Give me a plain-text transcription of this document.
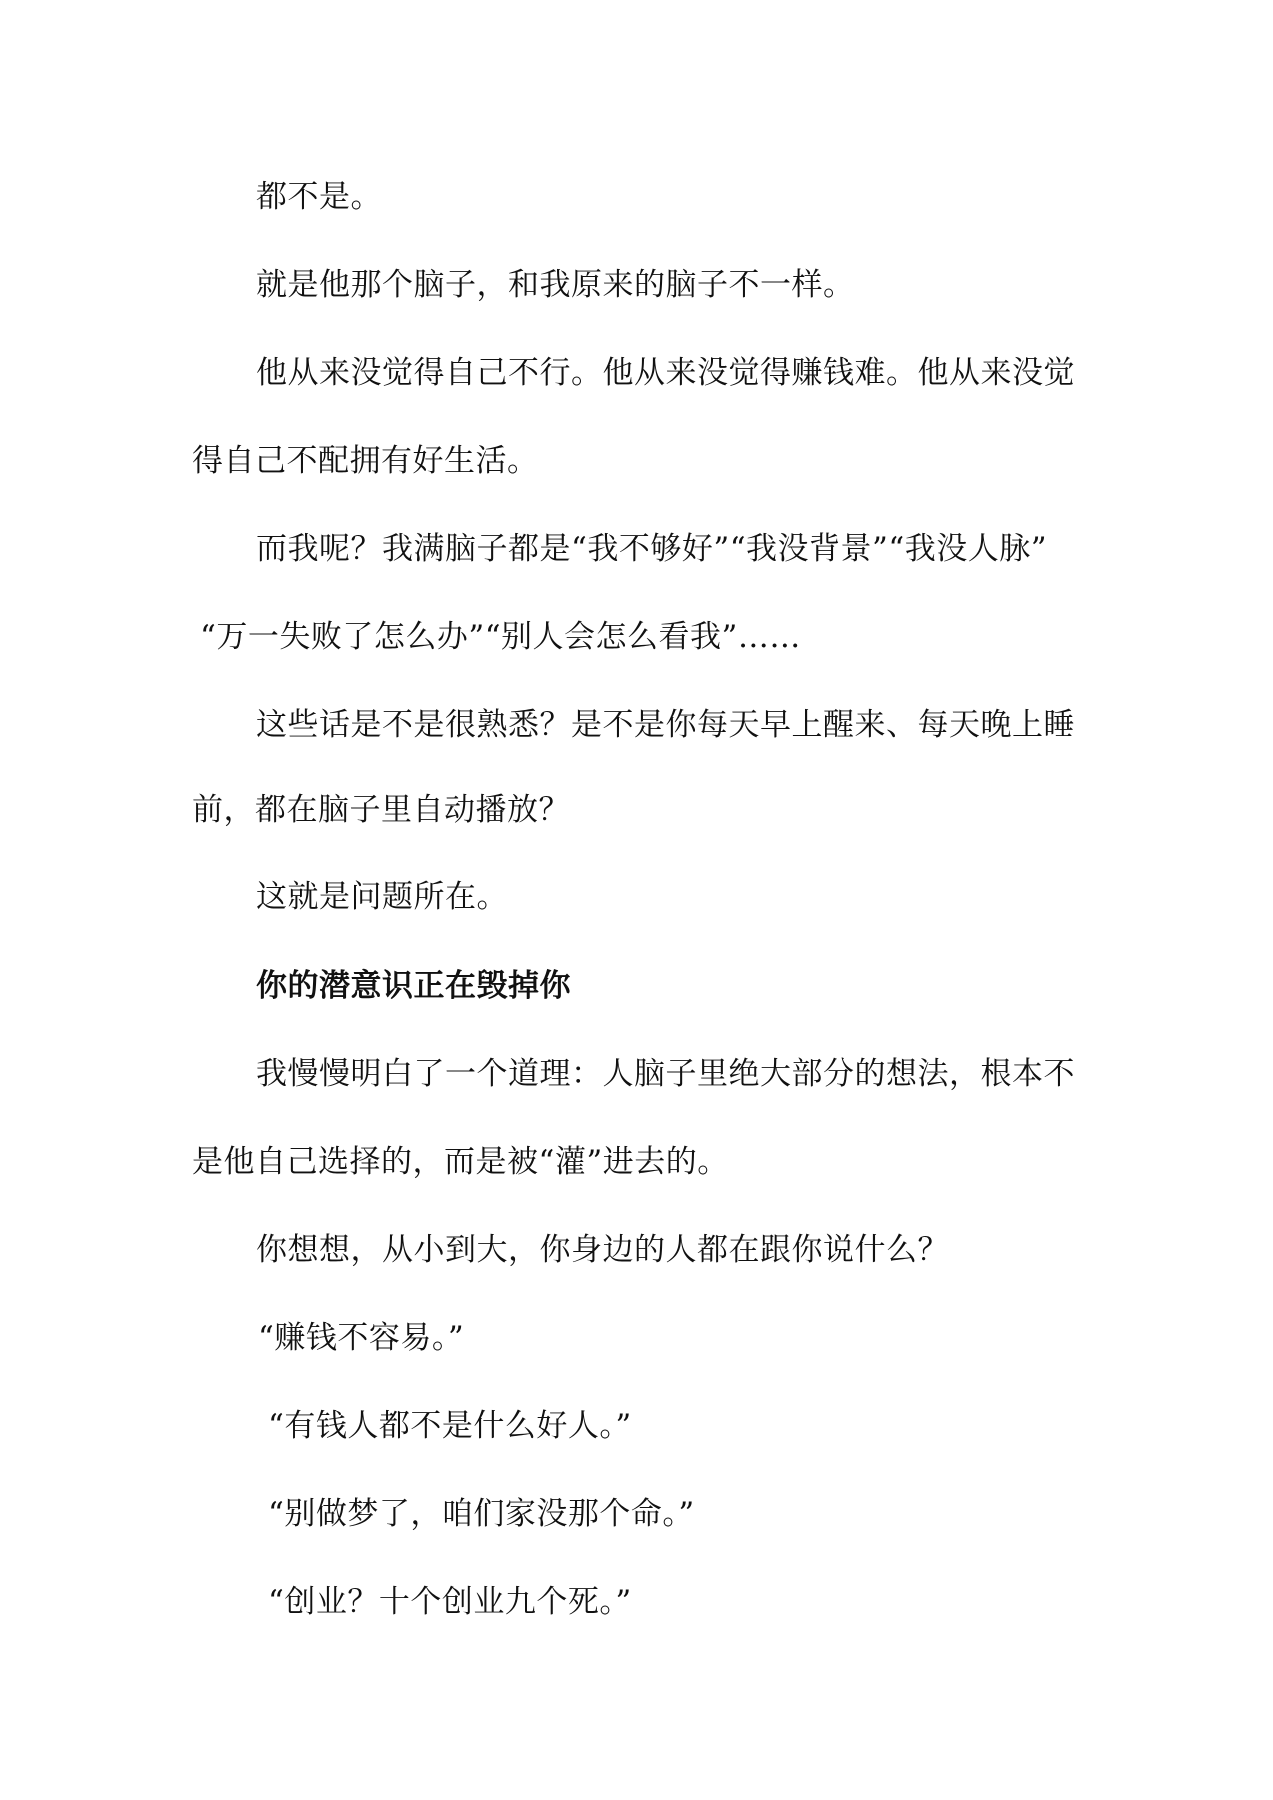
都不是。
就是他那个脑子，和我原来的脑子不一样。
他从来没觉得自己不行。他从来没觉得赚钱难。他从来没觉
得自己不配拥有好生活。
而我呢？我满脑子都是“我不够好”“我没背景”“我没人脉”
“万一失败了怎么办”“别人会怎么看我”……
这些话是不是很熟悉？是不是你每天早上醒来、每天晚上睡
前，都在脑子里自动播放？
这就是问题所在。
你的潜意识正在毁掉你
我慢慢明白了一个道理：人脑子里绝大部分的想法，根本不
是他自己选择的，而是被“灌”进去的。
你想想，从小到大，你身边的人都在跟你说什么？
“赚钱不容易。”
“有钱人都不是什么好人。”
“别做梦了，咱们家没那个命。”
“创业？十个创业九个死。”
